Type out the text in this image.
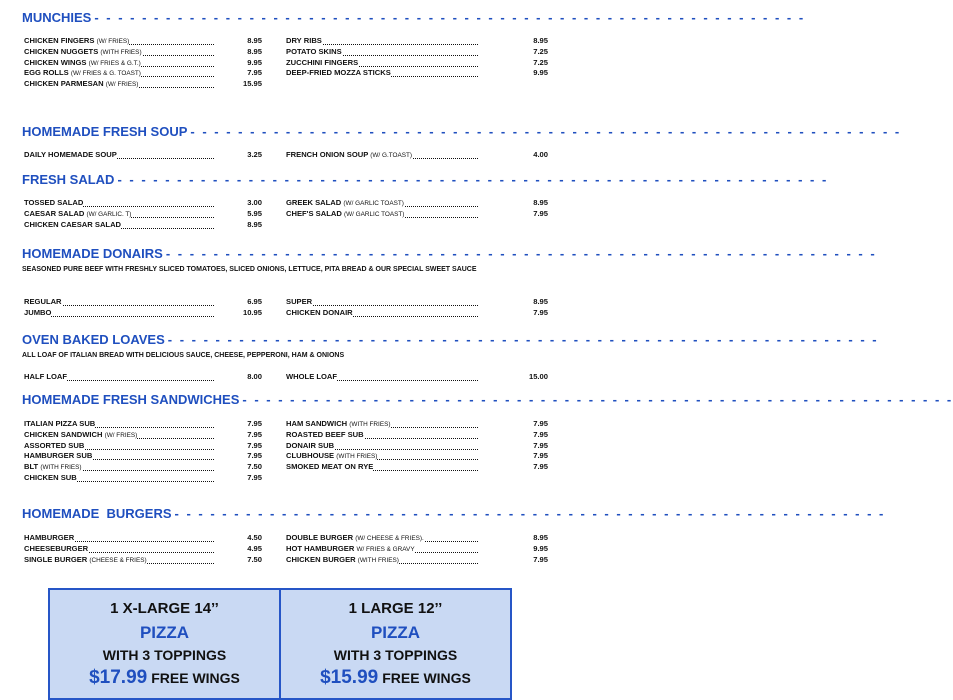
MUNCHIES - - - - - - - - - - - - - - - - - - - - - - - - - - - - - - - - - - - - - - - - - - - - - - - - - - - - - - - - - - - -
CHICKEN FINGERS (W/ FRIES)	8.95
CHICKEN NUGGETS (WITH FRIES)	8.95
CHICKEN WINGS (W/ FRIES & G.T.)	9.95
EGG ROLLS (W/ FRIES & G. TOAST)	7.95
CHICKEN PARMESAN (W/ FRIES)	15.95
DRY RIBS	8.95
POTATO SKINS	7.25
ZUCCHINI FINGERS	7.25
DEEP-FRIED MOZZA STICKS	9.95
HOMEMADE FRESH SOUP - - - - - - - - - - - - - - - - - - - - - - - - - - - - - - - - - - - - - - - - - - - - - - - - - - - - - - - - - - - -
DAILY HOMEMADE SOUP	3.25	FRENCH ONION SOUP (W/ G.TOAST)	4.00
FRESH SALAD - - - - - - - - - - - - - - - - - - - - - - - - - - - - - - - - - - - - - - - - - - - - - - - - - - - - - - - - - - - -
TOSSED SALAD	3.00
CAESAR SALAD (W/ GARLIC. T)	5.95
CHICKEN CAESAR SALAD	8.95
GREEK SALAD (W/ GARLIC TOAST)	8.95
CHEF'S SALAD (W/ GARLIC TOAST)	7.95
HOMEMADE DONAIRS - - - - - - - - - - - - - - - - - - - - - - - - - - - - - - - - - - - - - - - - - - - - - - - - - - - - - - - - - - - -
SEASONED PURE BEEF WITH FRESHLY SLICED TOMATOES, SLICED ONIONS, LETTUCE, PITA BREAD & OUR SPECIAL SWEET SAUCE
REGULAR	6.95
JUMBO	10.95
SUPER	8.95
CHICKEN DONAIR	7.95
OVEN BAKED LOAVES - - - - - - - - - - - - - - - - - - - - - - - - - - - - - - - - - - - - - - - - - - - - - - - - - - - - - - - - - - - -
ALL LOAF OF ITALIAN BREAD WITH DELICIOUS SAUCE, CHEESE, PEPPERONI, HAM & ONIONS
HALF LOAF	8.00	WHOLE LOAF	15.00
HOMEMADE FRESH SANDWICHES - - - - - - - - - - - - - - - - - - - - - - - - - - - - - - - - - - - - - - - - - - - - - - - - - - - - - - - - - - - -
ITALIAN PIZZA SUB	7.95
CHICKEN SANDWICH (W/ FRIES)	7.95
ASSORTED SUB	7.95
HAMBURGER SUB	7.95
BLT (WITH FRIES)	7.50
CHICKEN SUB	7.95
HAM SANDWICH (WITH FRIES)	7.95
ROASTED BEEF SUB	7.95
DONAIR SUB	7.95
CLUBHOUSE (WITH FRIES)	7.95
SMOKED MEAT ON RYE	7.95
HOMEMADE  BURGERS - - - - - - - - - - - - - - - - - - - - - - - - - - - - - - - - - - - - - - - - - - - - - - - - - - - - - - - - - - - -
HAMBURGER	4.50
CHEESEBURGER	4.95
SINGLE BURGER (CHEESE & FRIES)	7.50
DOUBLE BURGER (W/ CHEESE & FRIES).	8.95
HOT HAMBURGER W/ FRIES & GRAVY	9.95
CHICKEN BURGER (WITH FRIES)	7.95
1 X-LARGE 14’’
PIZZA
WITH 3 TOPPINGS
$17.99 FREE WINGS
1 LARGE 12’’
PIZZA
WITH 3 TOPPINGS
$15.99 FREE WINGS
